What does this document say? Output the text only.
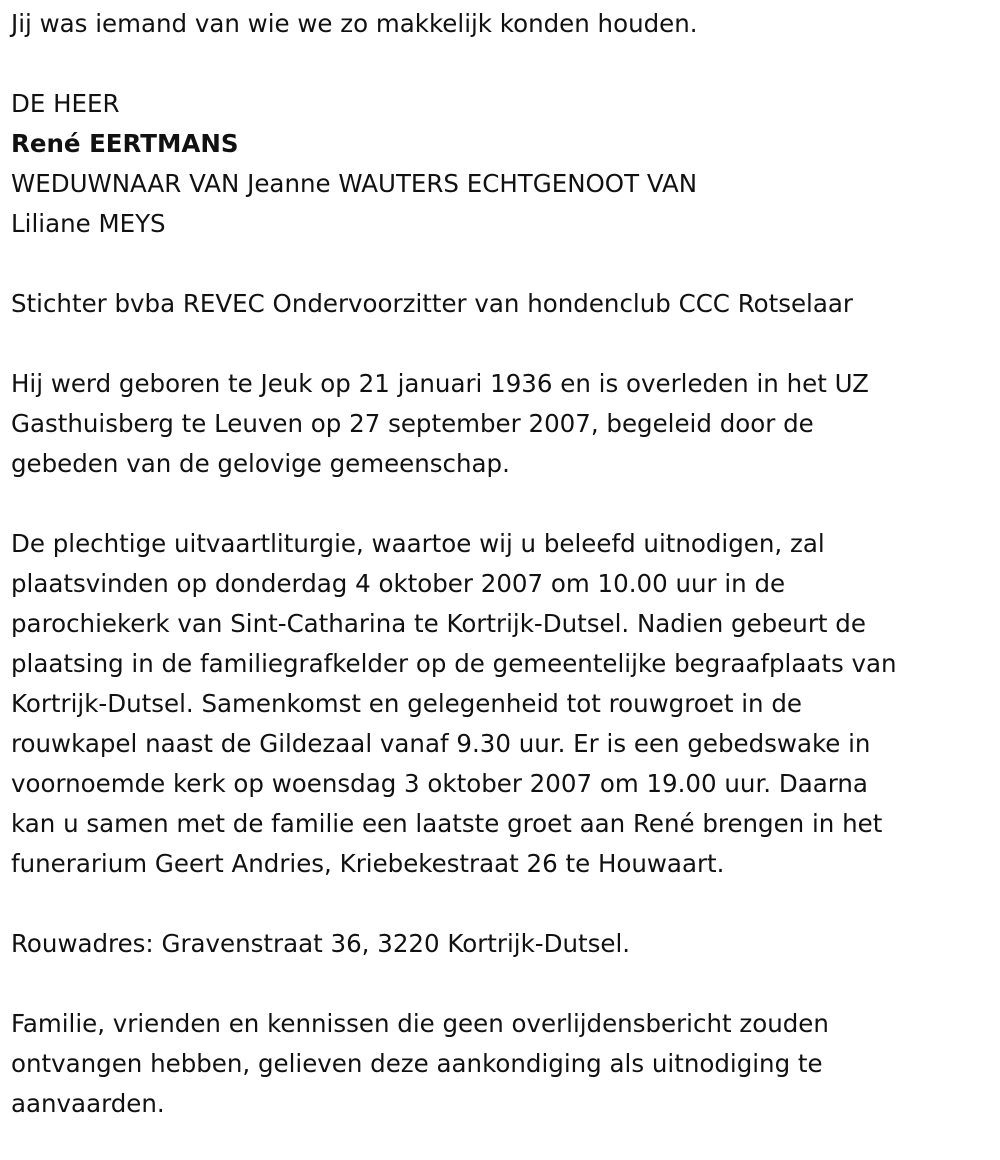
Jij was iemand van wie we zo makkelijk konden houden.

DE HEER

René EERTMANS

WEDUWNAAR VAN Jeanne WAUTERS ECHTGENOOT VAN

Liliane MEYS

Stichter bvba REVEC Ondervoorzitter van hondenclub CCC Rotselaar

Hij werd geboren te Jeuk op 21 januari 1936 en is overleden in het UZ

Gasthuisberg te Leuven op 27 september 2007, begeleid door de

gebeden van de gelovige gemeenschap.

De plechtige uitvaartliturgie, waartoe wij u beleefd uitnodigen, zal

plaatsvinden op donderdag 4 oktober 2007 om 10.00 uur in de

parochiekerk van Sint-Catharina te Kortrijk-Dutsel. Nadien gebeurt de

plaatsing in de familiegrafkelder op de gemeentelijke begraafplaats van

Kortrijk-Dutsel. Samenkomst en gelegenheid tot rouwgroet in de

rouwkapel naast de Gildezaal vanaf 9.30 uur. Er is een gebedswake in

voornoemde kerk op woensdag 3 oktober 2007 om 19.00 uur. Daarna

kan u samen met de familie een laatste groet aan René brengen in het

funerarium Geert Andries, Kriebekestraat 26 te Houwaart.

Rouwadres: Gravenstraat 36, 3220 Kortrijk-Dutsel.

Familie, vrienden en kennissen die geen overlijdensbericht zouden

ontvangen hebben, gelieven deze aankondiging als uitnodiging te

aanvaarden.
